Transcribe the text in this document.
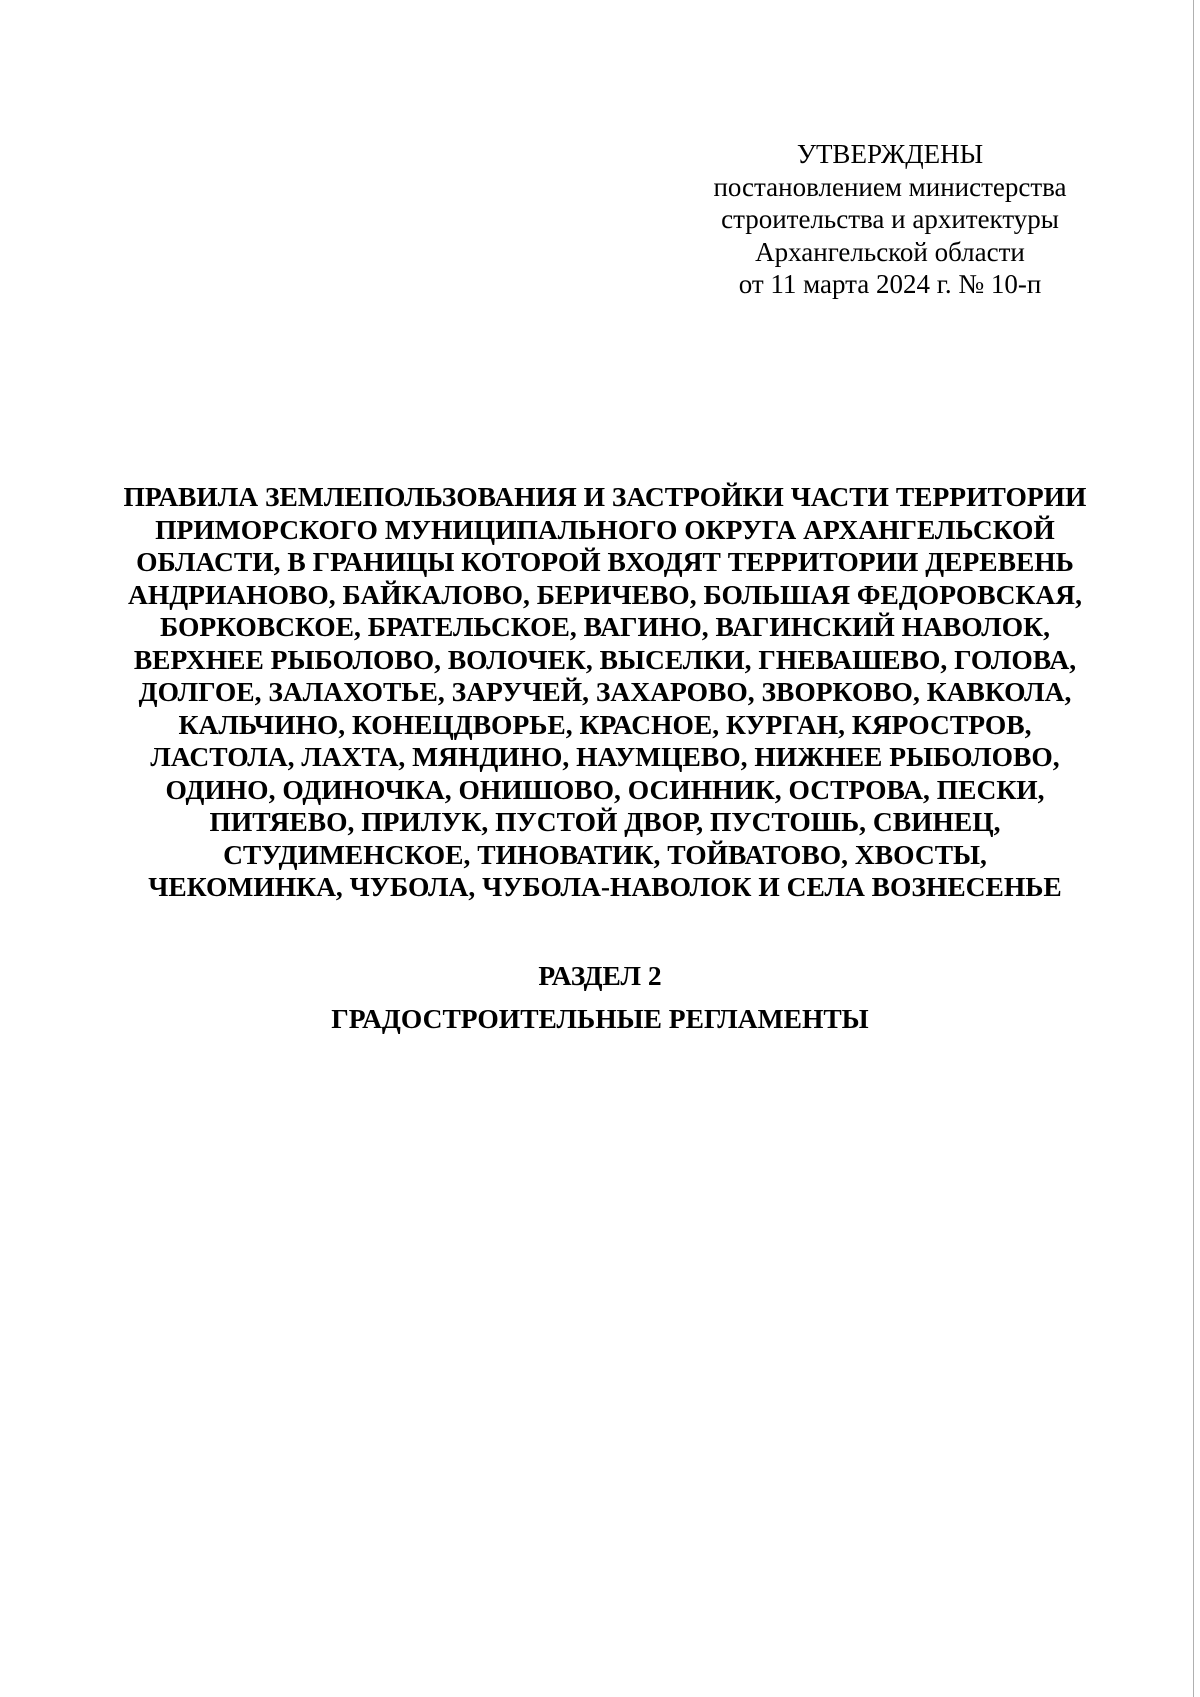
УТВЕРЖДЕНЫ
постановлением министерства
строительства и архитектуры
Архангельской области
от 11 марта 2024 г. № 10-п
ПРАВИЛА ЗЕМЛЕПОЛЬЗОВАНИЯ И ЗАСТРОЙКИ ЧАСТИ ТЕРРИТОРИИ
ПРИМОРСКОГО МУНИЦИПАЛЬНОГО ОКРУГА АРХАНГЕЛЬСКОЙ
ОБЛАСТИ, В ГРАНИЦЫ КОТОРОЙ ВХОДЯТ ТЕРРИТОРИИ ДЕРЕВЕНЬ
АНДРИАНОВО, БАЙКАЛОВО, БЕРИЧЕВО, БОЛЬШАЯ ФЕДОРОВСКАЯ,
БОРКОВСКОЕ, БРАТЕЛЬСКОЕ, ВАГИНО, ВАГИНСКИЙ НАВОЛОК,
ВЕРХНЕЕ РЫБОЛОВО, ВОЛОЧЕК, ВЫСЕЛКИ, ГНЕВАШЕВО, ГОЛОВА,
ДОЛГОЕ, ЗАЛАХОТЬЕ, ЗАРУЧЕЙ, ЗАХАРОВО, ЗВОРКОВО, КАВКОЛА,
КАЛЬЧИНО, КОНЕЦДВОРЬЕ, КРАСНОЕ, КУРГАН, КЯРОСТРОВ,
ЛАСТОЛА, ЛАХТА, МЯНДИНО, НАУМЦЕВО, НИЖНЕЕ РЫБОЛОВО,
ОДИНО, ОДИНОЧКА, ОНИШОВО, ОСИННИК, ОСТРОВА, ПЕСКИ,
ПИТЯЕВО, ПРИЛУК, ПУСТОЙ ДВОР, ПУСТОШЬ, СВИНЕЦ,
СТУДИМЕНСКОЕ, ТИНОВАТИК, ТОЙВАТОВО, ХВОСТЫ,
ЧЕКОМИНКА, ЧУБОЛА, ЧУБОЛА-НАВОЛОК И СЕЛА ВОЗНЕСЕНЬЕ
РАЗДЕЛ 2
ГРАДОСТРОИТЕЛЬНЫЕ РЕГЛАМЕНТЫ
